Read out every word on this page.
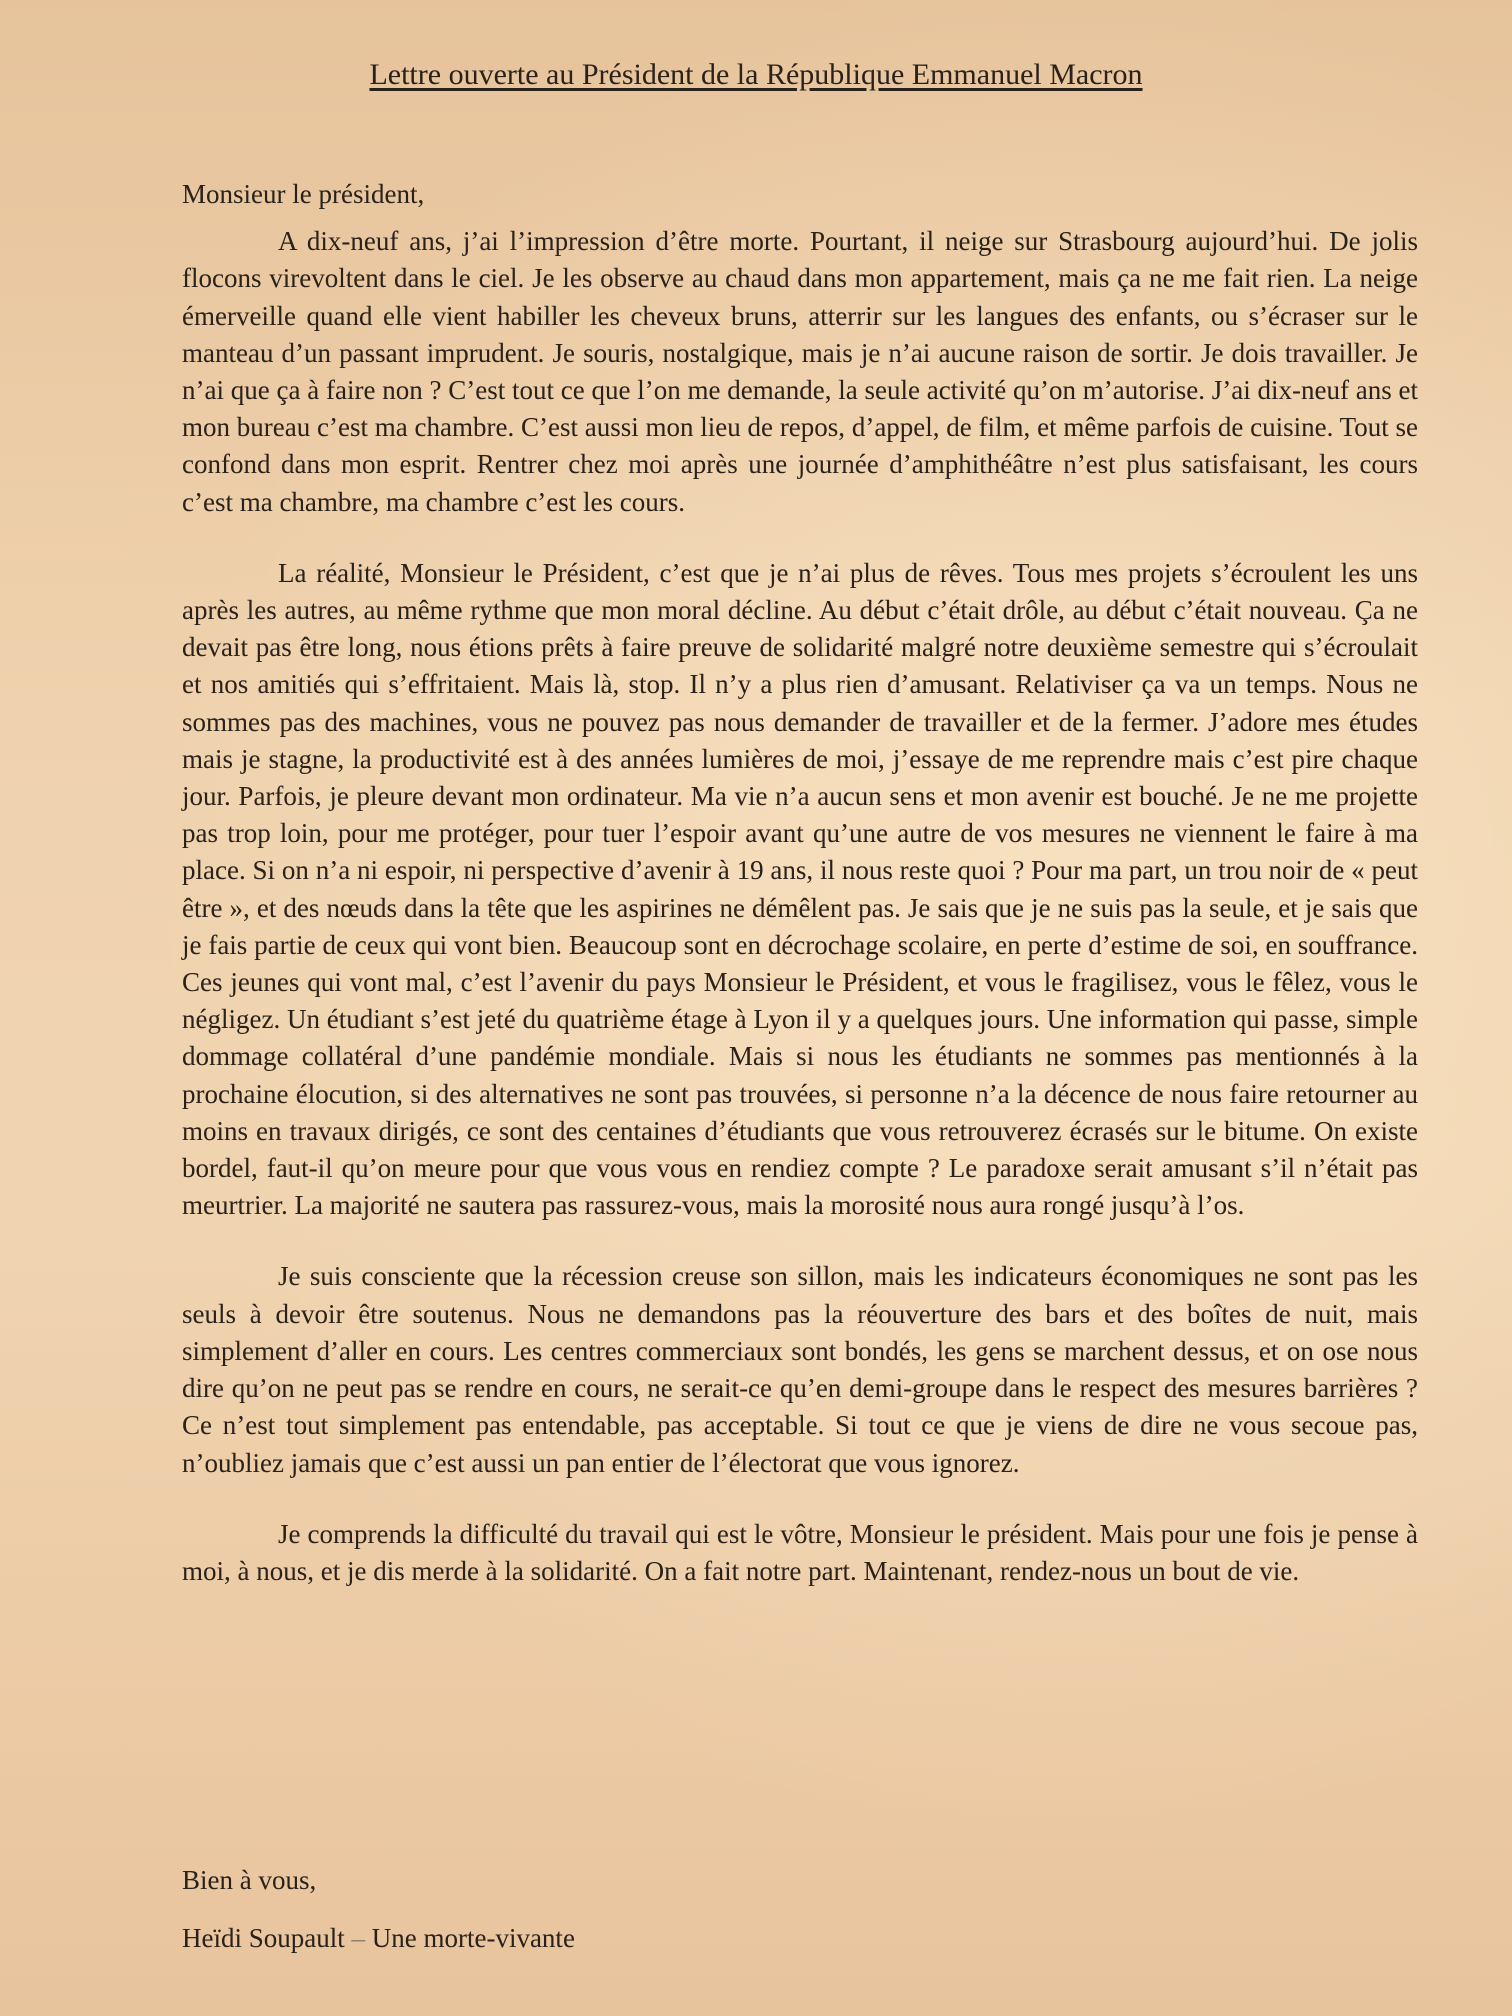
Lettre ouverte au Président de la République Emmanuel Macron

Monsieur le président,

A dix-neuf ans, j’ai l’impression d’être morte. Pourtant, il neige sur Strasbourg aujourd’hui. De jolis flocons virevoltent dans le ciel. Je les observe au chaud dans mon appartement, mais ça ne me fait rien. La neige émerveille quand elle vient habiller les cheveux bruns, atterrir sur les langues des enfants, ou s’écraser sur le manteau d’un passant imprudent. Je souris, nostalgique, mais je n’ai aucune raison de sortir. Je dois travailler. Je n’ai que ça à faire non ? C’est tout ce que l’on me demande, la seule activité qu’on m’autorise. J’ai dix-neuf ans et mon bureau c’est ma chambre. C’est aussi mon lieu de repos, d’appel, de film, et même parfois de cuisine. Tout se confond dans mon esprit. Rentrer chez moi après une journée d’amphithéâtre n’est plus satisfaisant, les cours c’est ma chambre, ma chambre c’est les cours.

La réalité, Monsieur le Président, c’est que je n’ai plus de rêves. Tous mes projets s’écroulent les uns après les autres, au même rythme que mon moral décline. Au début c’était drôle, au début c’était nouveau. Ça ne devait pas être long, nous étions prêts à faire preuve de solidarité malgré notre deuxième semestre qui s’écroulait et nos amitiés qui s’effritaient. Mais là, stop. Il n’y a plus rien d’amusant. Relativiser ça va un temps. Nous ne sommes pas des machines, vous ne pouvez pas nous demander de travailler et de la fermer. J’adore mes études mais je stagne, la productivité est à des années lumières de moi, j’essaye de me reprendre mais c’est pire chaque jour. Parfois, je pleure devant mon ordinateur. Ma vie n’a aucun sens et mon avenir est bouché. Je ne me projette pas trop loin, pour me protéger, pour tuer l’espoir avant qu’une autre de vos mesures ne viennent le faire à ma place. Si on n’a ni espoir, ni perspective d’avenir à 19 ans, il nous reste quoi ? Pour ma part, un trou noir de « peut être », et des nœuds dans la tête que les aspirines ne démêlent pas. Je sais que je ne suis pas la seule, et je sais que je fais partie de ceux qui vont bien. Beaucoup sont en décrochage scolaire, en perte d’estime de soi, en souffrance. Ces jeunes qui vont mal, c’est l’avenir du pays Monsieur le Président, et vous le fragilisez, vous le fêlez, vous le négligez. Un étudiant s’est jeté du quatrième étage à Lyon il y a quelques jours. Une information qui passe, simple dommage collatéral d’une pandémie mondiale. Mais si nous les étudiants ne sommes pas mentionnés à la prochaine élocution, si des alternatives ne sont pas trouvées, si personne n’a la décence de nous faire retourner au moins en travaux dirigés, ce sont des centaines d’étudiants que vous retrouverez écrasés sur le bitume. On existe bordel, faut-il qu’on meure pour que vous vous en rendiez compte ? Le paradoxe serait amusant s’il n’était pas meurtrier. La majorité ne sautera pas rassurez-vous, mais la morosité nous aura rongé jusqu’à l’os.

Je suis consciente que la récession creuse son sillon, mais les indicateurs économiques ne sont pas les seuls à devoir être soutenus. Nous ne demandons pas la réouverture des bars et des boîtes de nuit, mais simplement d’aller en cours. Les centres commerciaux sont bondés, les gens se marchent dessus, et on ose nous dire qu’on ne peut pas se rendre en cours, ne serait-ce qu’en demi-groupe dans le respect des mesures barrières ? Ce n’est tout simplement pas entendable, pas acceptable. Si tout ce que je viens de dire ne vous secoue pas, n’oubliez jamais que c’est aussi un pan entier de l’électorat que vous ignorez.

Je comprends la difficulté du travail qui est le vôtre, Monsieur le président. Mais pour une fois je pense à moi, à nous, et je dis merde à la solidarité. On a fait notre part. Maintenant, rendez-nous un bout de vie.

Bien à vous,
Heïdi Soupault – Une morte-vivante
